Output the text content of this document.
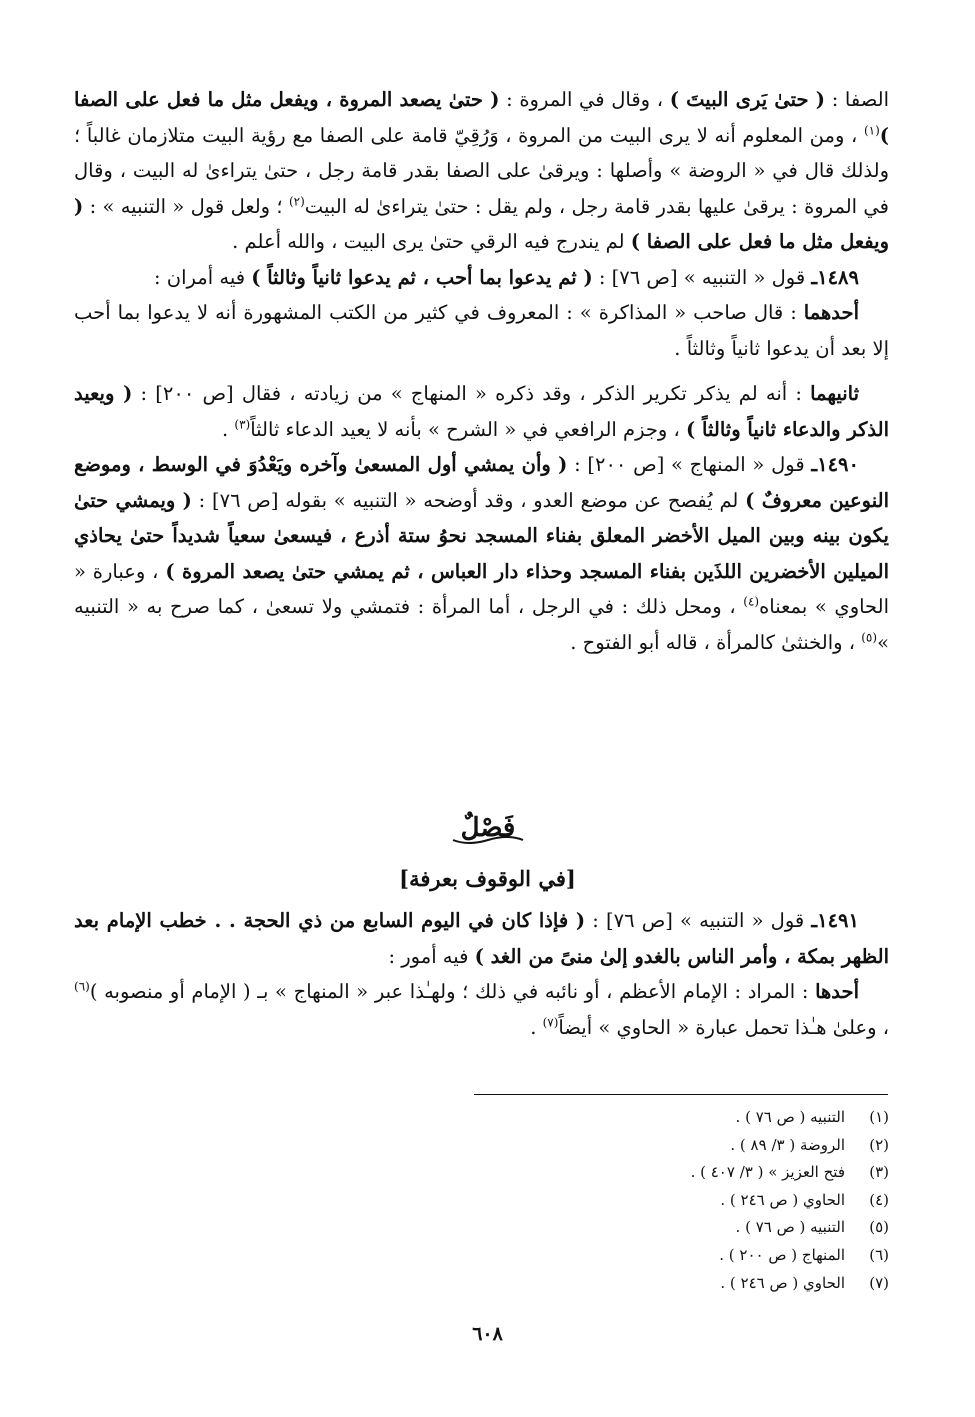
الصفا : ( حتىٰ يَرى البيتَ ) ، وقال في المروة : ( حتىٰ يصعد المروة ، ويفعل مثل ما فعل على الصفا )$^{(١)}$ ، ومن المعلوم أنه لا يرى البيت من المروة ، وَرُقِيّ قامة على الصفا مع رؤية البيت متلازمان غالباً ؛ ولذلك قال في « الروضة » وأصلها : ويرقىٰ على الصفا بقدر قامة رجل ، حتىٰ يتراءىٰ له البيت ، وقال في المروة : يرقىٰ عليها بقدر قامة رجل ، ولم يقل : حتىٰ يتراءىٰ له البيت$^{(٢)}$ ؛ ولعل قول « التنبيه » : ( ويفعل مثل ما فعل على الصفا ) لم يندرج فيه الرقي حتىٰ يرى البيت ، والله أعلم .

١٤٨٩ـ قول « التنبيه » [ص ٧٦] : ( ثم يدعوا بما أحب ، ثم يدعوا ثانياً وثالثاً ) فيه أمران :

أحدهما : قال صاحب « المذاكرة » : المعروف في كثير من الكتب المشهورة أنه لا يدعوا بما أحب إلا بعد أن يدعوا ثانياً وثالثاً .

ثانيهما : أنه لم يذكر تكرير الذكر ، وقد ذكره « المنهاج » من زيادته ، فقال [ص ٢٠٠] : ( ويعيد الذكر والدعاء ثانياً وثالثاً ) ، وجزم الرافعي في « الشرح » بأنه لا يعيد الدعاء ثالثاً$^{(٣)}$ .

١٤٩٠ـ قول « المنهاج » [ص ٢٠٠] : ( وأن يمشي أول المسعىٰ وآخره ويَعْدُوَ في الوسط ، وموضع النوعين معروفٌ ) لم يُفصح عن موضع العدو ، وقد أوضحه « التنبيه » بقوله [ص ٧٦] : ( ويمشي حتىٰ يكون بينه وبين الميل الأخضر المعلق بفناء المسجد نحوُ ستة أذرع ، فيسعىٰ سعياً شديداً حتىٰ يحاذي الميلين الأخضرين اللذَين بفناء المسجد وحذاء دار العباس ، ثم يمشي حتىٰ يصعد المروة ) ، وعبارة « الحاوي » بمعناه$^{(٤)}$ ، ومحل ذلك : في الرجل ، أما المرأة : فتمشي ولا تسعىٰ ، كما صرح به « التنبيه »$^{(٥)}$ ، والخنثىٰ كالمرأة ، قاله أبو الفتوح .

فَصْلٌ
[في الوقوف بعرفة]

١٤٩١ـ قول « التنبيه » [ص ٧٦] : ( فإذا كان في اليوم السابع من ذي الحجة . . خطب الإمام بعد الظهر بمكة ، وأمر الناس بالغدو إلىٰ منىً من الغد ) فيه أمور :

أحدها : المراد : الإمام الأعظم ، أو نائبه في ذلك ؛ ولهـٰذا عبر « المنهاج » بـ ( الإمام أو منصوبه )$^{(٦)}$ ، وعلىٰ هـٰذا تحمل عبارة « الحاوي » أيضاً$^{(٧)}$ .

(١)
التنبيه ( ص ٧٦ ) .
(٢)
الروضة ( ٣/ ٨٩ ) .
(٣)
فتح العزيز » ( ٣/ ٤٠٧ ) .
(٤)
الحاوي ( ص ٢٤٦ ) .
(٥)
التنبيه ( ص ٧٦ ) .
(٦)
المنهاج ( ص ٢٠٠ ) .
(٧)
الحاوي ( ص ٢٤٦ ) .
٦٠٨
